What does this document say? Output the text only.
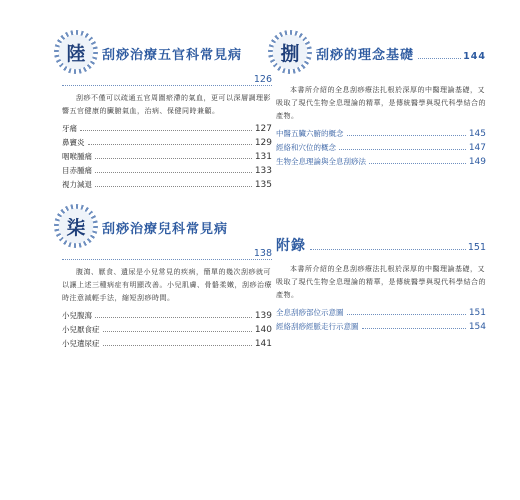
陸 刮痧治療五官科常見病
126
刮痧不僅可以疏通五官周圍瘀滯的氣血，更可以深層調理影響五官健康的臟腑氣血，治病、保健同時兼顧。
牙痛	127
鼻竇炎	129
咽喉腫痛	131
目赤腫痛	133
視力減退	135
柒 刮痧治療兒科常見病
138
腹瀉、厭食、遺尿是小兒常見的疾病，簡單的幾次刮痧就可以讓上述三種病症有明顯改善。小兒肌膚、骨骼柔嫩，刮痧治療時注意減輕手法，縮短刮痧時間。
小兒腹瀉	139
小兒厭食症	140
小兒遺尿症	141
捌 刮痧的理念基礎	144
本書所介紹的全息刮痧療法扎根於深厚的中醫理論基礎，又吸取了現代生物全息理論的精華，是傳統醫學與現代科學結合的產物。
中醫五臟六腑的概念	145
經絡和穴位的概念	147
生物全息理論與全息刮痧法	149
附錄	151
本書所介紹的全息刮痧療法扎根於深厚的中醫理論基礎，又吸取了現代生物全息理論的精華，是傳統醫學與現代科學結合的產物。
全息刮痧部位示意圖	151
經絡刮痧經脈走行示意圖	154
